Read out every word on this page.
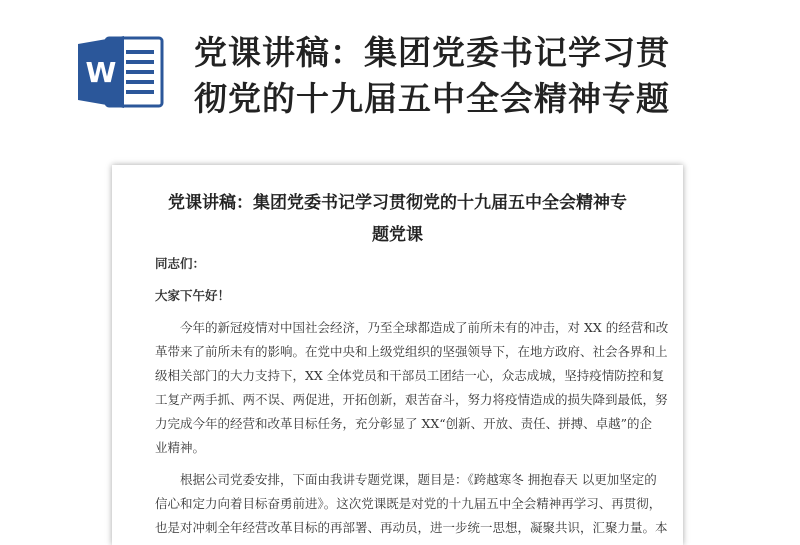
W
党课讲稿：集团党委书记学习贯
彻党的十九届五中全会精神专题
党课讲稿：集团党委书记学习贯彻党的十九届五中全会精神专
题党课
同志们：
大家下午好！
　　今年的新冠疫情对中国社会经济，乃至全球都造成了前所未有的冲击，对 XX 的经营和改
革带来了前所未有的影响。在党中央和上级党组织的坚强领导下，在地方政府、社会各界和上
级相关部门的大力支持下，XX 全体党员和干部员工团结一心，众志成城，坚持疫情防控和复
工复产两手抓、两不误、两促进，开拓创新，艰苦奋斗，努力将疫情造成的损失降到最低，努
力完成今年的经营和改革目标任务，充分彰显了 XX“创新、开放、责任、拼搏、卓越”的企
业精神。
　　根据公司党委安排，下面由我讲专题党课，题目是：《跨越寒冬 拥抱春天 以更加坚定的
信心和定力向着目标奋勇前进》。这次党课既是对党的十九届五中全会精神再学习、再贯彻，
也是对冲刺全年经营改革目标的再部署、再动员，进一步统一思想，凝聚共识，汇聚力量。本
